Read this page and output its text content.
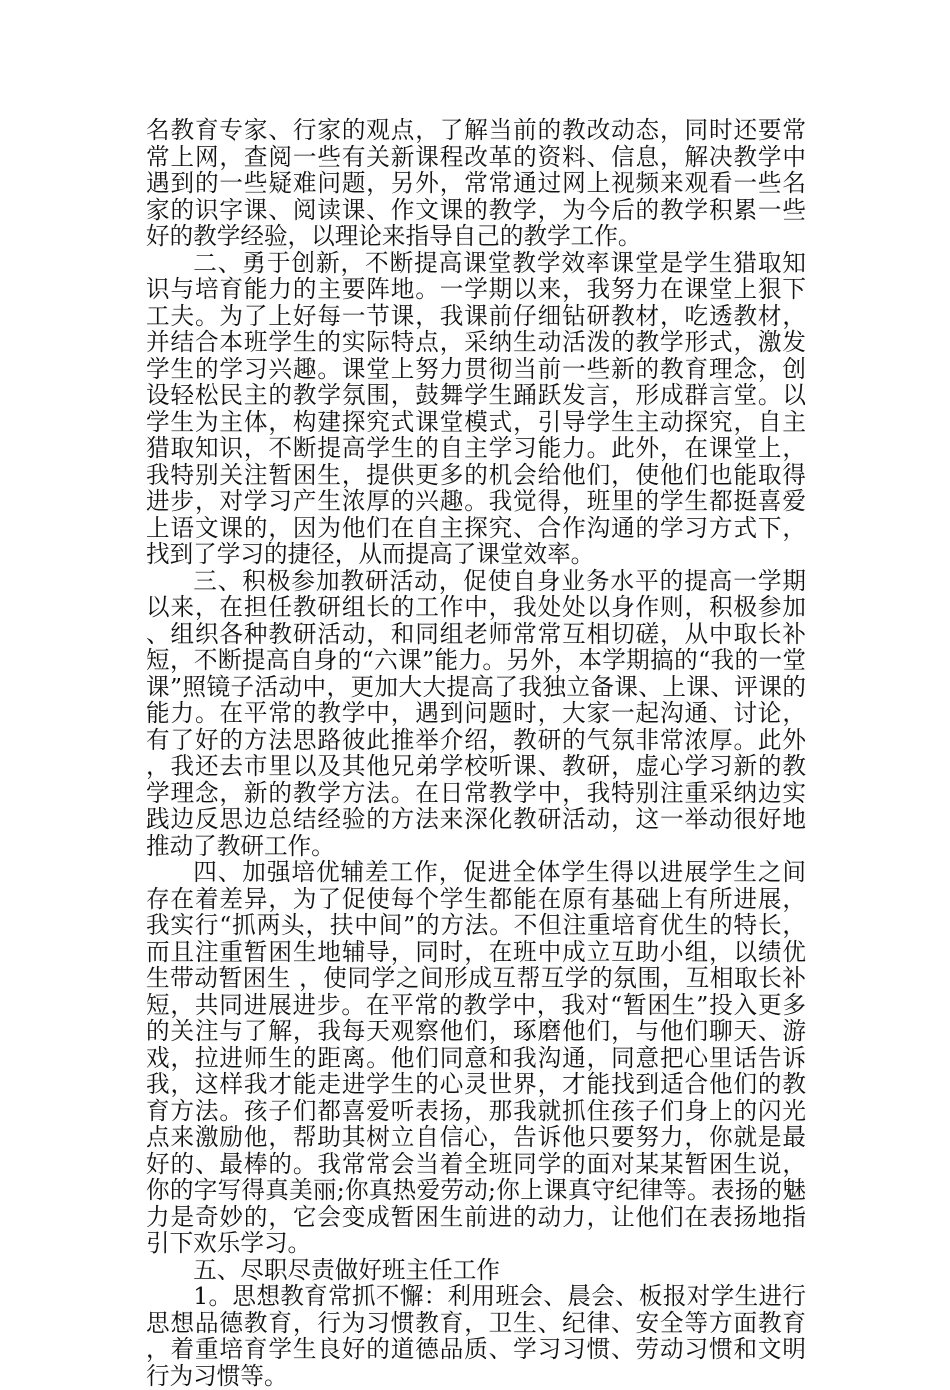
名教育专家、行家的观点，了解当前的教改动态，同时还要常常上网，查阅一些有关新课程改革的资料、信息，解决教学中遇到的一些疑难问题，另外，常常通过网上视频来观看一些名家的识字课、阅读课、作文课的教学，为今后的教学积累一些好的教学经验，以理论来指导自己的教学工作。

二、勇于创新，不断提高课堂教学效率课堂是学生猎取知识与培育能力的主要阵地。一学期以来，我努力在课堂上狠下工夫。为了上好每一节课，我课前仔细钻研教材，吃透教材，并结合本班学生的实际特点，采纳生动活泼的教学形式，激发学生的学习兴趣。课堂上努力贯彻当前一些新的教育理念，创设轻松民主的教学氛围，鼓舞学生踊跃发言，形成群言堂。以学生为主体，构建探究式课堂模式，引导学生主动探究，自主猎取知识，不断提高学生的自主学习能力。此外，在课堂上，我特别关注暂困生，提供更多的机会给他们，使他们也能取得进步，对学习产生浓厚的兴趣。我觉得，班里的学生都挺喜爱上语文课的，因为他们在自主探究、合作沟通的学习方式下，找到了学习的捷径，从而提高了课堂效率。

三、积极参加教研活动，促使自身业务水平的提高一学期以来，在担任教研组长的工作中，我处处以身作则，积极参加、组织各种教研活动，和同组老师常常互相切磋，从中取长补短，不断提高自身的“六课”能力。另外，本学期搞的“我的一堂课”照镜子活动中，更加大大提高了我独立备课、上课、评课的能力。在平常的教学中，遇到问题时，大家一起沟通、讨论，有了好的方法思路彼此推举介绍，教研的气氛非常浓厚。此外，我还去市里以及其他兄弟学校听课、教研，虚心学习新的教学理念，新的教学方法。在日常教学中，我特别注重采纳边实践边反思边总结经验的方法来深化教研活动，这一举动很好地推动了教研工作。

四、加强培优辅差工作，促进全体学生得以进展学生之间存在着差异，为了促使每个学生都能在原有基础上有所进展，我实行“抓两头，扶中间”的方法。不但注重培育优生的特长，而且注重暂困生地辅导，同时，在班中成立互助小组，以绩优生带动暂困生 ，使同学之间形成互帮互学的氛围，互相取长补短，共同进展进步。在平常的教学中，我对“暂困生”投入更多的关注与了解，我每天观察他们，琢磨他们，与他们聊天、游戏，拉进师生的距离。他们同意和我沟通，同意把心里话告诉我，这样我才能走进学生的心灵世界，才能找到适合他们的教育方法。孩子们都喜爱听表扬，那我就抓住孩子们身上的闪光点来激励他，帮助其树立自信心，告诉他只要努力，你就是最好的、最棒的。我常常会当着全班同学的面对某某暂困生说，你的字写得真美丽;你真热爱劳动;你上课真守纪律等。表扬的魅力是奇妙的，它会变成暂困生前进的动力，让他们在表扬地指引下欢乐学习。

五、尽职尽责做好班主任工作

1。思想教育常抓不懈：利用班会、晨会、板报对学生进行思想品德教育，行为习惯教育，卫生、纪律、安全等方面教育，着重培育学生良好的道德品质、学习习惯、劳动习惯和文明行为习惯等。
